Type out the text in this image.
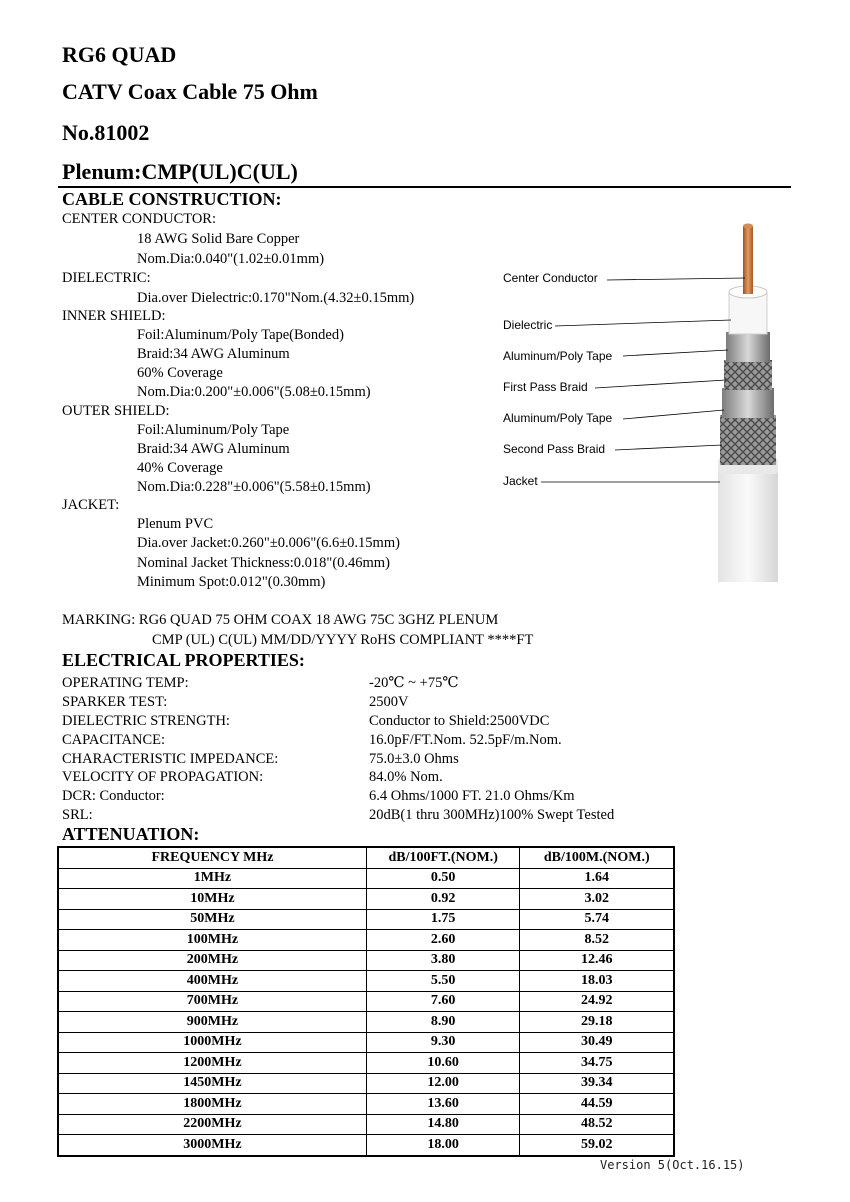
RG6 QUAD
CATV Coax Cable 75 Ohm
No.81002
Plenum:CMP(UL)C(UL)
CABLE CONSTRUCTION:
CENTER CONDUCTOR:
18 AWG Solid Bare Copper
Nom.Dia:0.040"(1.02±0.01mm)
DIELECTRIC:
Dia.over Dielectric:0.170"Nom.(4.32±0.15mm)
INNER SHIELD:
Foil:Aluminum/Poly Tape(Bonded)
Braid:34 AWG Aluminum
60% Coverage
Nom.Dia:0.200"±0.006"(5.08±0.15mm)
OUTER SHIELD:
Foil:Aluminum/Poly Tape
Braid:34 AWG Aluminum
40% Coverage
Nom.Dia:0.228"±0.006"(5.58±0.15mm)
JACKET:
Plenum PVC
Dia.over Jacket:0.260"±0.006"(6.6±0.15mm)
Nominal Jacket Thickness:0.018"(0.46mm)
Minimum Spot:0.012"(0.30mm)
Center Conductor
Dielectric
Aluminum/Poly Tape
First Pass Braid
Aluminum/Poly Tape
Second Pass Braid
Jacket
MARKING: RG6 QUAD 75 OHM COAX 18 AWG 75C 3GHZ PLENUM
CMP (UL) C(UL) MM/DD/YYYY RoHS COMPLIANT ****FT
ELECTRICAL PROPERTIES:
OPERATING TEMP:	-20℃ ~ +75℃
SPARKER TEST:	2500V
DIELECTRIC STRENGTH:	Conductor to Shield:2500VDC
CAPACITANCE:	16.0pF/FT.Nom. 52.5pF/m.Nom.
CHARACTERISTIC IMPEDANCE:	75.0±3.0 Ohms
VELOCITY OF PROPAGATION:	84.0% Nom.
DCR: Conductor:	6.4 Ohms/1000 FT. 21.0 Ohms/Km
SRL:	20dB(1 thru 300MHz)100% Swept Tested
ATTENUATION:
FREQUENCY MHz	dB/100FT.(NOM.)	dB/100M.(NOM.)
1MHz	0.50	1.64
10MHz	0.92	3.02
50MHz	1.75	5.74
100MHz	2.60	8.52
200MHz	3.80	12.46
400MHz	5.50	18.03
700MHz	7.60	24.92
900MHz	8.90	29.18
1000MHz	9.30	30.49
1200MHz	10.60	34.75
1450MHz	12.00	39.34
1800MHz	13.60	44.59
2200MHz	14.80	48.52
3000MHz	18.00	59.02
Version 5(Oct.16.15)
